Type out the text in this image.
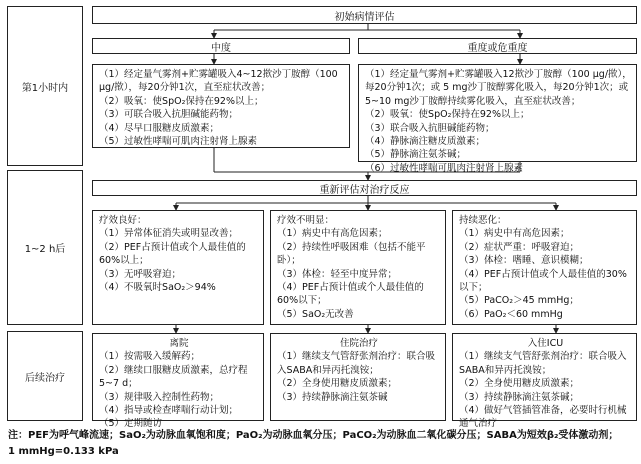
第1小时内
1~2 h后
后续治疗
初始病情评估
中度	重度或危重度
（1）经定量气雾剂+贮雾罐吸入4~12揿沙丁胺醇（100 μg/揿），每20分钟1次，直至症状改善；
（2）吸氧：使SpO₂保持在92%以上；
（3）可联合吸入抗胆碱能药物；
（4）尽早口服糖皮质激素；
（5）过敏性哮喘可肌肉注射肾上腺素
（1）经定量气雾剂+贮雾罐吸入12揿沙丁胺醇（100 μg/揿），每20分钟1次；或 5 mg沙丁胺醇雾化吸入，每20分钟1次；或 5~10 mg沙丁胺醇持续雾化吸入，直至症状改善；
（2）吸氧：使SpO₂保持在92%以上；
（3）联合吸入抗胆碱能药物；
（4）静脉滴注糖皮质激素；
（5）静脉滴注氨茶碱；
（6）过敏性哮喘可肌肉注射肾上腺素
重新评估对治疗反应
疗效良好：
（1）异常体征消失或明显改善；
（2）PEF占预计值或个人最佳值的60%以上；
（3）无呼吸窘迫；
（4）不吸氧时SaO₂＞94%
疗效不明显：
（1）病史中有高危因素；
（2）持续性呼吸困难（包括不能平卧）；
（3）体检：轻至中度异常；
（4）PEF占预计值或个人最佳值的60%以下；
（5）SaO₂无改善
持续恶化：
（1）病史中有高危因素；
（2）症状严重：呼吸窘迫；
（3）体检：嗜睡、意识模糊；
（4）PEF占预计值或个人最佳值的30%以下；
（5）PaCO₂＞45 mmHg；
（6）PaO₂＜60 mmHg
离院
（1）按需吸入缓解药；
（2）继续口服糖皮质激素，总疗程5~7 d；
（3）规律吸入控制性药物；
（4）指导或检查哮喘行动计划；
（5）定期随访
住院治疗
（1）继续支气管舒张剂治疗：联合吸入SABA和异丙托溴铵；
（2）全身使用糖皮质激素；
（3）持续静脉滴注氨茶碱
入住ICU
（1）继续支气管舒张剂治疗：联合吸入SABA和异丙托溴铵；
（2）全身使用糖皮质激素；
（3）持续静脉滴注氨茶碱；
（4）做好气管插管准备，必要时行机械通气治疗
注：PEF为呼气峰流速；SaO₂为动脉血氧饱和度；PaO₂为动脉血氧分压；PaCO₂为动脉血二氧化碳分压；SABA为短效β₂受体激动剂；
1 mmHg=0.133 kPa
